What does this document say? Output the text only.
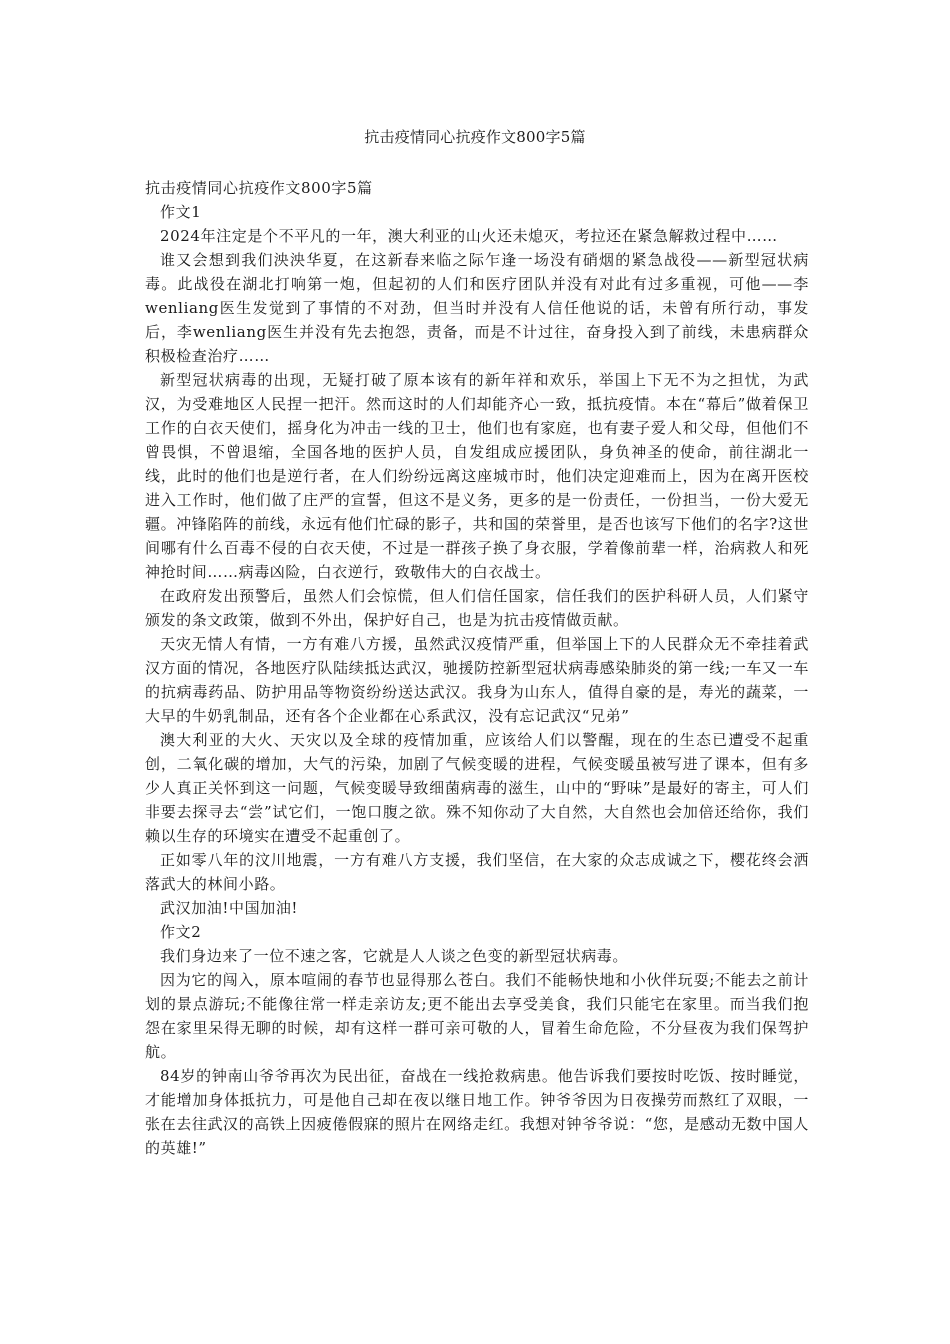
抗击疫情同心抗疫作文800字5篇

抗击疫情同心抗疫作文800字5篇

作文1

2024年注定是个不平凡的一年，澳大利亚的山火还未熄灭，考拉还在紧急解救过程中……

谁又会想到我们泱泱华夏，在这新春来临之际乍逢一场没有硝烟的紧急战役——新型冠状病毒。此战役在湖北打响第一炮，但起初的人们和医疗团队并没有对此有过多重视，可他——李wenliang医生发觉到了事情的不对劲，但当时并没有人信任他说的话，未曾有所行动，事发后，李wenliang医生并没有先去抱怨，责备，而是不计过往，奋身投入到了前线，未患病群众积极检查治疗……

新型冠状病毒的出现，无疑打破了原本该有的新年祥和欢乐，举国上下无不为之担忧，为武汉，为受难地区人民捏一把汗。然而这时的人们却能齐心一致，抵抗疫情。本在“幕后”做着保卫工作的白衣天使们，摇身化为冲击一线的卫士，他们也有家庭，也有妻子爱人和父母，但他们不曾畏惧，不曾退缩，全国各地的医护人员，自发组成应援团队，身负神圣的使命，前往湖北一线，此时的他们也是逆行者，在人们纷纷远离这座城市时，他们决定迎难而上，因为在离开医校进入工作时，他们做了庄严的宣誓，但这不是义务，更多的是一份责任，一份担当，一份大爱无疆。冲锋陷阵的前线，永远有他们忙碌的影子，共和国的荣誉里，是否也该写下他们的名字?这世间哪有什么百毒不侵的白衣天使，不过是一群孩子换了身衣服，学着像前辈一样，治病救人和死神抢时间……病毒凶险，白衣逆行，致敬伟大的白衣战士。

在政府发出预警后，虽然人们会惊慌，但人们信任国家，信任我们的医护科研人员，人们紧守颁发的条文政策，做到不外出，保护好自己，也是为抗击疫情做贡献。

天灾无情人有情，一方有难八方援，虽然武汉疫情严重，但举国上下的人民群众无不牵挂着武汉方面的情况，各地医疗队陆续抵达武汉，驰援防控新型冠状病毒感染肺炎的第一线;一车又一车的抗病毒药品、防护用品等物资纷纷送达武汉。我身为山东人，值得自豪的是，寿光的蔬菜，一大早的牛奶乳制品，还有各个企业都在心系武汉，没有忘记武汉“兄弟”

澳大利亚的大火、天灾以及全球的疫情加重，应该给人们以警醒，现在的生态已遭受不起重创，二氧化碳的增加，大气的污染，加剧了气候变暖的进程，气候变暖虽被写进了课本，但有多少人真正关怀到这一问题，气候变暖导致细菌病毒的滋生，山中的“野味”是最好的寄主，可人们非要去探寻去“尝”试它们，一饱口腹之欲。殊不知你动了大自然，大自然也会加倍还给你，我们赖以生存的环境实在遭受不起重创了。

正如零八年的汶川地震，一方有难八方支援，我们坚信，在大家的众志成诚之下，樱花终会洒落武大的林间小路。

武汉加油!中国加油!

作文2

我们身边来了一位不速之客，它就是人人谈之色变的新型冠状病毒。

因为它的闯入，原本喧闹的春节也显得那么苍白。我们不能畅快地和小伙伴玩耍;不能去之前计划的景点游玩;不能像往常一样走亲访友;更不能出去享受美食，我们只能宅在家里。而当我们抱怨在家里呆得无聊的时候，却有这样一群可亲可敬的人，冒着生命危险，不分昼夜为我们保驾护航。

84岁的钟南山爷爷再次为民出征，奋战在一线抢救病患。他告诉我们要按时吃饭、按时睡觉，才能增加身体抵抗力，可是他自己却在夜以继日地工作。钟爷爷因为日夜操劳而熬红了双眼，一张在去往武汉的高铁上因疲倦假寐的照片在网络走红。我想对钟爷爷说：“您，是感动无数中国人的英雄!”
